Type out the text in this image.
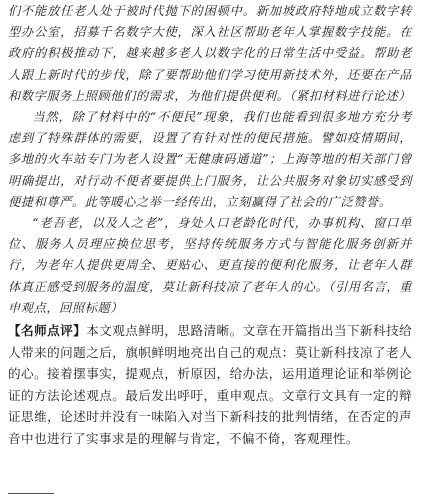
们不能放任老人处于被时代抛下的困顿中。新加坡政府特地成立数字转型办公室，招募千名数字大使，深入社区帮助老年人掌握数字技能。在政府的积极推动下，越来越多老人以数字化的日常生活中受益。帮助老人跟上新时代的步伐，除了要帮助他们学习使用新技术外，还要在产品和数字服务上照顾他们的需求，为他们提供便利。（紧扣材料进行论述）

当然，除了材料中的“不便民”现象，我们也能看到很多地方充分考虑到了特殊群体的需要，设置了有针对性的便民措施。譬如疫情期间，多地的火车站专门为老人设置“无健康码通道”；上海等地的相关部门曾明确提出，对行动不便者要提供上门服务，让公共服务对象切实感受到便捷和尊严。此等暖心之举一经传出，立刻赢得了社会的广泛赞誉。

“老吾老，以及人之老”，身处人口老龄化时代，办事机构、窗口单位、服务人员理应换位思考，坚持传统服务方式与智能化服务创新并行，为老年人提供更周全、更贴心、更直接的便利化服务，让老年人群体真正感受到服务的温度，莫让新科技凉了老年人的心。（引用名言，重申观点，回照标题）

【名师点评】本文观点鲜明，思路清晰。文章在开篇指出当下新科技给人带来的问题之后，旗帜鲜明地亮出自己的观点：莫让新科技凉了老人的心。接着摆事实，提观点，析原因，给办法，运用道理论证和举例论证的方法论述观点。最后发出呼吁，重申观点。文章行文具有一定的辩证思维，论述时并没有一味陷入对当下新科技的批判情绪，在否定的声音中也进行了实事求是的理解与肯定，不偏不倚，客观理性。
